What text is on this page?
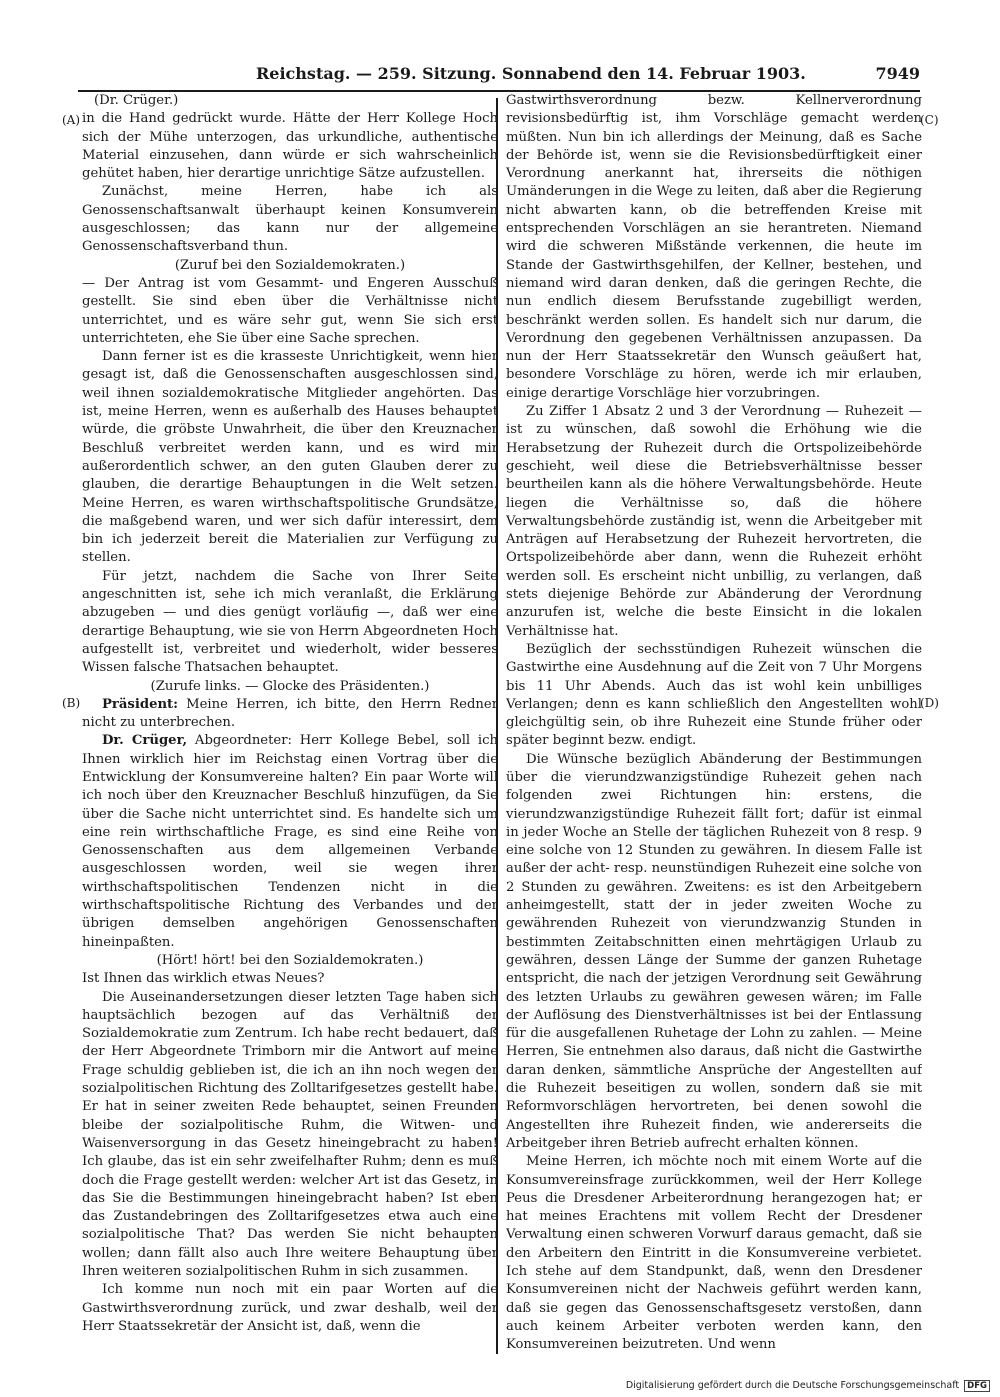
Reichstag. — 259. Sitzung. Sonnabend den 14. Februar 1903.	7949
(A)
(B)
(C)
(D)

(Dr. Crüger.)

in die Hand gedrückt wurde. Hätte der Herr Kollege Hoch sich der Mühe unterzogen, das urkundliche, authentische Material einzusehen, dann würde er sich wahrscheinlich gehütet haben, hier derartige unrichtige Sätze aufzustellen.

Zunächst, meine Herren, habe ich als Genossenschaftsanwalt überhaupt keinen Konsumverein ausgeschlossen; das kann nur der allgemeine Genossenschaftsverband thun.

(Zuruf bei den Sozialdemokraten.)

— Der Antrag ist vom Gesammt- und Engeren Ausschuß gestellt. Sie sind eben über die Verhältnisse nicht unterrichtet, und es wäre sehr gut, wenn Sie sich erst unterrichteten, ehe Sie über eine Sache sprechen.

Dann ferner ist es die krasseste Unrichtigkeit, wenn hier gesagt ist, daß die Genossenschaften ausgeschlossen sind, weil ihnen sozialdemokratische Mitglieder angehörten. Das ist, meine Herren, wenn es außerhalb des Hauses behauptet würde, die gröbste Unwahrheit, die über den Kreuznacher Beschluß verbreitet werden kann, und es wird mir außerordentlich schwer, an den guten Glauben derer zu glauben, die derartige Behauptungen in die Welt setzen. Meine Herren, es waren wirthschaftspolitische Grundsätze, die maßgebend waren, und wer sich dafür interessirt, dem bin ich jederzeit bereit die Materialien zur Verfügung zu stellen.

Für jetzt, nachdem die Sache von Ihrer Seite angeschnitten ist, sehe ich mich veranlaßt, die Erklärung abzugeben — und dies genügt vorläufig —, daß wer eine derartige Behauptung, wie sie von Herrn Abgeordneten Hoch aufgestellt ist, verbreitet und wiederholt, wider besseres Wissen falsche Thatsachen behauptet.

(Zurufe links. — Glocke des Präsidenten.)

Präsident: Meine Herren, ich bitte, den Herrn Redner nicht zu unterbrechen.

Dr. Crüger, Abgeordneter: Herr Kollege Bebel, soll ich Ihnen wirklich hier im Reichstag einen Vortrag über die Entwicklung der Konsumvereine halten? Ein paar Worte will ich noch über den Kreuznacher Beschluß hinzufügen, da Sie über die Sache nicht unterrichtet sind. Es handelte sich um eine rein wirthschaftliche Frage, es sind eine Reihe von Genossenschaften aus dem allgemeinen Verbande ausgeschlossen worden, weil sie wegen ihrer wirthschaftspolitischen Tendenzen nicht in die wirthschaftspolitische Richtung des Verbandes und der übrigen demselben angehörigen Genossenschaften hineinpaßten.

(Hört! hört! bei den Sozialdemokraten.)

Ist Ihnen das wirklich etwas Neues?

Die Auseinandersetzungen dieser letzten Tage haben sich hauptsächlich bezogen auf das Verhältniß der Sozialdemokratie zum Zentrum. Ich habe recht bedauert, daß der Herr Abgeordnete Trimborn mir die Antwort auf meine Frage schuldig geblieben ist, die ich an ihn noch wegen der sozialpolitischen Richtung des Zolltarifgesetzes gestellt habe. Er hat in seiner zweiten Rede behauptet, seinen Freunden bleibe der sozialpolitische Ruhm, die Witwen- und Waisenversorgung in das Gesetz hineingebracht zu haben! Ich glaube, das ist ein sehr zweifelhafter Ruhm; denn es muß doch die Frage gestellt werden: welcher Art ist das Gesetz, in das Sie die Bestimmungen hineingebracht haben? Ist eben das Zustandebringen des Zolltarifgesetzes etwa auch eine sozialpolitische That? Das werden Sie nicht behaupten wollen; dann fällt also auch Ihre weitere Behauptung über Ihren weiteren sozialpolitischen Ruhm in sich zusammen.

Ich komme nun noch mit ein paar Worten auf die Gastwirthsverordnung zurück, und zwar deshalb, weil der Herr Staatssekretär der Ansicht ist, daß, wenn die

Gastwirthsverordnung bezw. Kellnerverordnung revisionsbedürftig ist, ihm Vorschläge gemacht werden müßten. Nun bin ich allerdings der Meinung, daß es Sache der Behörde ist, wenn sie die Revisionsbedürftigkeit einer Verordnung anerkannt hat, ihrerseits die nöthigen Umänderungen in die Wege zu leiten, daß aber die Regierung nicht abwarten kann, ob die betreffenden Kreise mit entsprechenden Vorschlägen an sie herantreten. Niemand wird die schweren Mißstände verkennen, die heute im Stande der Gastwirthsgehilfen, der Kellner, bestehen, und niemand wird daran denken, daß die geringen Rechte, die nun endlich diesem Berufsstande zugebilligt werden, beschränkt werden sollen. Es handelt sich nur darum, die Verordnung den gegebenen Verhältnissen anzupassen. Da nun der Herr Staatssekretär den Wunsch geäußert hat, besondere Vorschläge zu hören, werde ich mir erlauben, einige derartige Vorschläge hier vorzubringen.

Zu Ziffer 1 Absatz 2 und 3 der Verordnung — Ruhezeit — ist zu wünschen, daß sowohl die Erhöhung wie die Herabsetzung der Ruhezeit durch die Ortspolizeibehörde geschieht, weil diese die Betriebsverhältnisse besser beurtheilen kann als die höhere Verwaltungsbehörde. Heute liegen die Verhältnisse so, daß die höhere Verwaltungsbehörde zuständig ist, wenn die Arbeitgeber mit Anträgen auf Herabsetzung der Ruhezeit hervortreten, die Ortspolizeibehörde aber dann, wenn die Ruhezeit erhöht werden soll. Es erscheint nicht unbillig, zu verlangen, daß stets diejenige Behörde zur Abänderung der Verordnung anzurufen ist, welche die beste Einsicht in die lokalen Verhältnisse hat.

Bezüglich der sechsstündigen Ruhezeit wünschen die Gastwirthe eine Ausdehnung auf die Zeit von 7 Uhr Morgens bis 11 Uhr Abends. Auch das ist wohl kein unbilliges Verlangen; denn es kann schließlich den Angestellten wohl gleichgültig sein, ob ihre Ruhezeit eine Stunde früher oder später beginnt bezw. endigt.

Die Wünsche bezüglich Abänderung der Bestimmungen über die vierundzwanzigstündige Ruhezeit gehen nach folgenden zwei Richtungen hin: erstens, die vierundzwanzigstündige Ruhezeit fällt fort; dafür ist einmal in jeder Woche an Stelle der täglichen Ruhezeit von 8 resp. 9 eine solche von 12 Stunden zu gewähren. In diesem Falle ist außer der acht- resp. neunstündigen Ruhezeit eine solche von 2 Stunden zu gewähren. Zweitens: es ist den Arbeitgebern anheimgestellt, statt der in jeder zweiten Woche zu gewährenden Ruhezeit von vierundzwanzig Stunden in bestimmten Zeitabschnitten einen mehrtägigen Urlaub zu gewähren, dessen Länge der Summe der ganzen Ruhetage entspricht, die nach der jetzigen Verordnung seit Gewährung des letzten Urlaubs zu gewähren gewesen wären; im Falle der Auflösung des Dienstverhältnisses ist bei der Entlassung für die ausgefallenen Ruhetage der Lohn zu zahlen. — Meine Herren, Sie entnehmen also daraus, daß nicht die Gastwirthe daran denken, sämmtliche Ansprüche der Angestellten auf die Ruhezeit beseitigen zu wollen, sondern daß sie mit Reformvorschlägen hervortreten, bei denen sowohl die Angestellten ihre Ruhezeit finden, wie andererseits die Arbeitgeber ihren Betrieb aufrecht erhalten können.

Meine Herren, ich möchte noch mit einem Worte auf die Konsumvereinsfrage zurückkommen, weil der Herr Kollege Peus die Dresdener Arbeiterordnung herangezogen hat; er hat meines Erachtens mit vollem Recht der Dresdener Verwaltung einen schweren Vorwurf daraus gemacht, daß sie den Arbeitern den Eintritt in die Konsumvereine verbietet. Ich stehe auf dem Standpunkt, daß, wenn den Dresdener Konsumvereinen nicht der Nachweis geführt werden kann, daß sie gegen das Genossenschaftsgesetz verstoßen, dann auch keinem Arbeiter verboten werden kann, den Konsumvereinen beizutreten. Und wenn

Digitalisierung gefördert durch die Deutsche Forschungsgemeinschaft DFG
